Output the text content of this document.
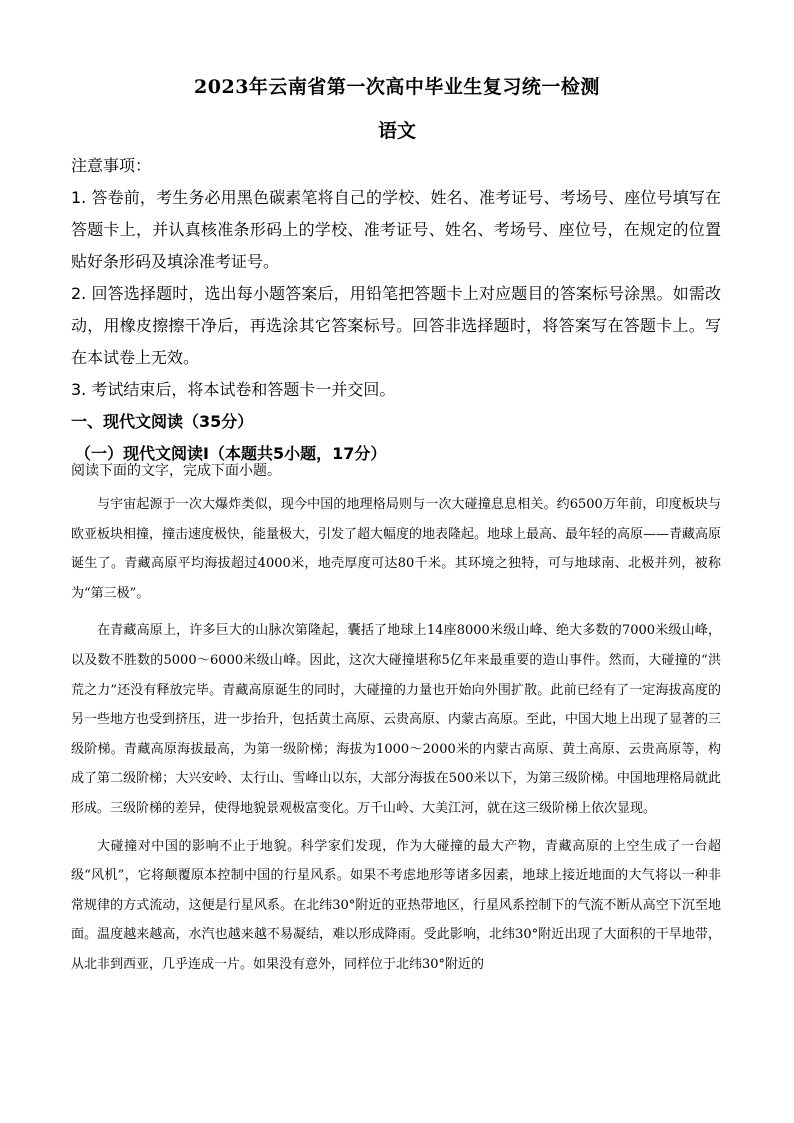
2023年云南省第一次高中毕业生复习统一检测
语文

注意事项：

1. 答卷前，考生务必用黑色碳素笔将自己的学校、姓名、准考证号、考场号、座位号填写在答题卡上，并认真核准条形码上的学校、准考证号、姓名、考场号、座位号，在规定的位置贴好条形码及填涂准考证号。

2. 回答选择题时，选出每小题答案后，用铅笔把答题卡上对应题目的答案标号涂黑。如需改动，用橡皮擦擦干净后，再选涂其它答案标号。回答非选择题时，将答案写在答题卡上。写在本试卷上无效。

3. 考试结束后，将本试卷和答题卡一并交回。

一、现代文阅读（35分）

（一）现代文阅读Ⅰ（本题共5小题，17分）

阅读下面的文字，完成下面小题。

与宇宙起源于一次大爆炸类似，现今中国的地理格局则与一次大碰撞息息相关。约6500万年前，印度板块与欧亚板块相撞，撞击速度极快，能量极大，引发了超大幅度的地表隆起。地球上最高、最年轻的高原——青藏高原诞生了。青藏高原平均海拔超过4000米，地壳厚度可达80千米。其环境之独特，可与地球南、北极并列，被称为“第三极”。

在青藏高原上，许多巨大的山脉次第隆起，囊括了地球上14座8000米级山峰、绝大多数的7000米级山峰，以及数不胜数的5000～6000米级山峰。因此，这次大碰撞堪称5亿年来最重要的造山事件。然而，大碰撞的“洪荒之力”还没有释放完毕。青藏高原诞生的同时，大碰撞的力量也开始向外围扩散。此前已经有了一定海拔高度的另一些地方也受到挤压，进一步抬升，包括黄土高原、云贵高原、内蒙古高原。至此，中国大地上出现了显著的三级阶梯。青藏高原海拔最高，为第一级阶梯；海拔为1000～2000米的内蒙古高原、黄土高原、云贵高原等，构成了第二级阶梯；大兴安岭、太行山、雪峰山以东，大部分海拔在500米以下，为第三级阶梯。中国地理格局就此形成。三级阶梯的差异，使得地貌景观极富变化。万千山岭、大美江河，就在这三级阶梯上依次显现。

大碰撞对中国的影响不止于地貌。科学家们发现，作为大碰撞的最大产物，青藏高原的上空生成了一台超级“风机”，它将颠覆原本控制中国的行星风系。如果不考虑地形等诸多因素，地球上接近地面的大气将以一种非常规律的方式流动，这便是行星风系。在北纬30°附近的亚热带地区，行星风系控制下的气流不断从高空下沉至地面。温度越来越高，水汽也越来越不易凝结，难以形成降雨。受此影响，北纬30°附近出现了大面积的干旱地带，从北非到西亚，几乎连成一片。如果没有意外，同样位于北纬30°附近的
